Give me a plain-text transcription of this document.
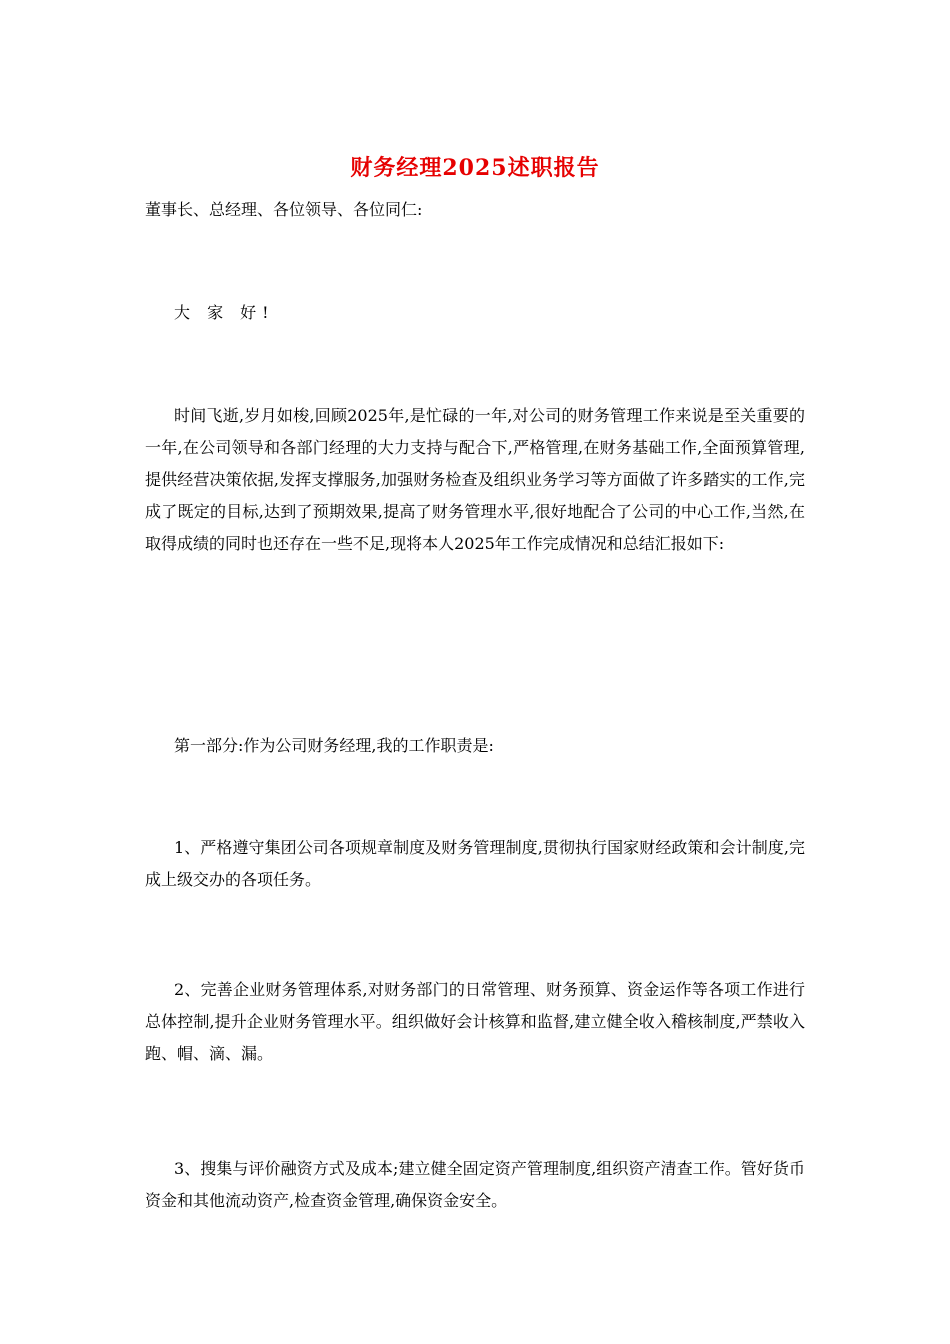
财务经理2025述职报告
董事长、总经理、各位领导、各位同仁:
大 家 好!
时间飞逝,岁月如梭,回顾2025年,是忙碌的一年,对公司的财务管理工作来说是至关重要的一年,在公司领导和各部门经理的大力支持与配合下,严格管理,在财务基础工作,全面预算管理,提供经营决策依据,发挥支撑服务,加强财务检查及组织业务学习等方面做了许多踏实的工作,完成了既定的目标,达到了预期效果,提高了财务管理水平,很好地配合了公司的中心工作,当然,在取得成绩的同时也还存在一些不足,现将本人2025年工作完成情况和总结汇报如下:
第一部分:作为公司财务经理,我的工作职责是:
1、严格遵守集团公司各项规章制度及财务管理制度,贯彻执行国家财经政策和会计制度,完成上级交办的各项任务。
2、完善企业财务管理体系,对财务部门的日常管理、财务预算、资金运作等各项工作进行总体控制,提升企业财务管理水平。组织做好会计核算和监督,建立健全收入稽核制度,严禁收入跑、帽、滴、漏。
3、搜集与评价融资方式及成本;建立健全固定资产管理制度,组织资产清查工作。管好货币资金和其他流动资产,检查资金管理,确保资金安全。
